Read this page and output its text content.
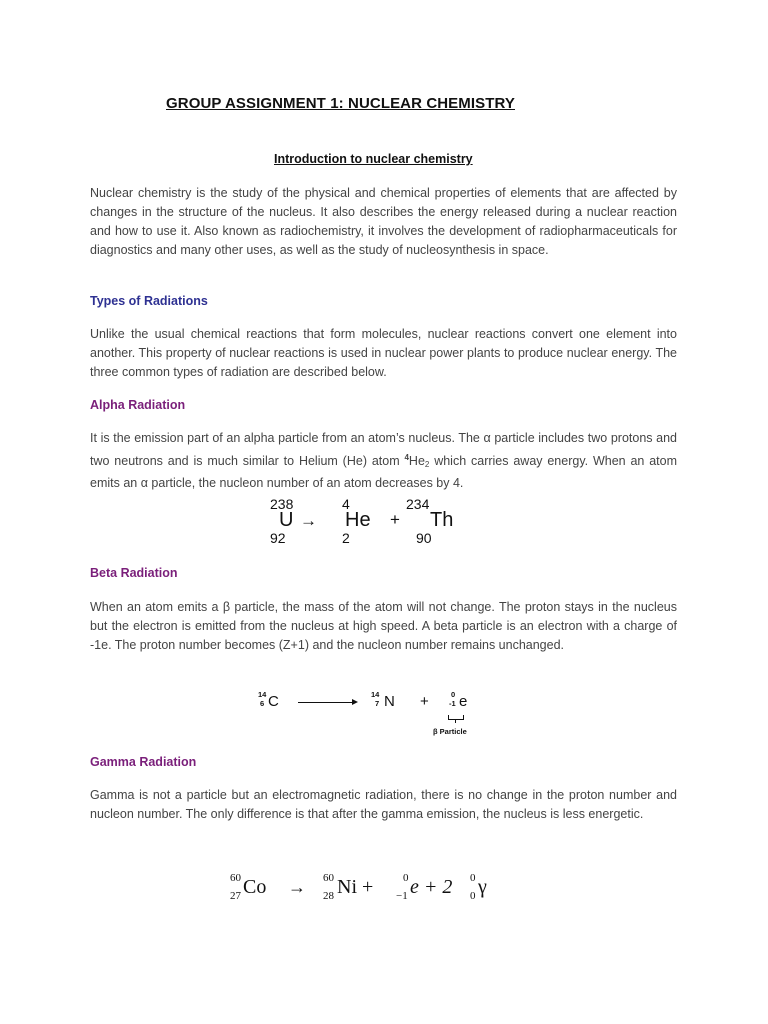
GROUP ASSIGNMENT 1: NUCLEAR CHEMISTRY
Introduction to nuclear chemistry

Nuclear chemistry is the study of the physical and chemical properties of elements that are affected by changes in the structure of the nucleus. It also describes the energy released during a nuclear reaction and how to use it. Also known as radiochemistry, it involves the development of radiopharmaceuticals for diagnostics and many other uses, as well as the study of nucleosynthesis in space.

Types of Radiations

Unlike the usual chemical reactions that form molecules, nuclear reactions convert one element into another. This property of nuclear reactions is used in nuclear power plants to produce nuclear energy. The three common types of radiation are described below.

Alpha Radiation

It is the emission part of an alpha particle from an atom’s nucleus. The α particle includes two protons and two neutrons and is much similar to Helium (He) atom $^4He_2$ which carries away energy. When an atom emits an α particle, the nucleon number of an atom decreases by 4.

238
U
92
→
4
He
2
+
234
Th
90
Beta Radiation

When an atom emits a β particle, the mass of the atom will not change. The proton stays in the nucleus but the electron is emitted from the nucleus at high speed. A beta particle is an electron with a charge of -1e. The proton number becomes (Z+1) and the nucleon number remains unchanged.

14
6 C	14
7 N +	0
-1 e
β Particle
Gamma Radiation

Gamma is not a particle but an electromagnetic radiation, there is no change in the proton number and nucleon number. The only difference is that after the gamma emission, the nucleus is less energetic.

60
27 Co → 60
28 Ni +	0
−1 e + 2 0
0 γ
